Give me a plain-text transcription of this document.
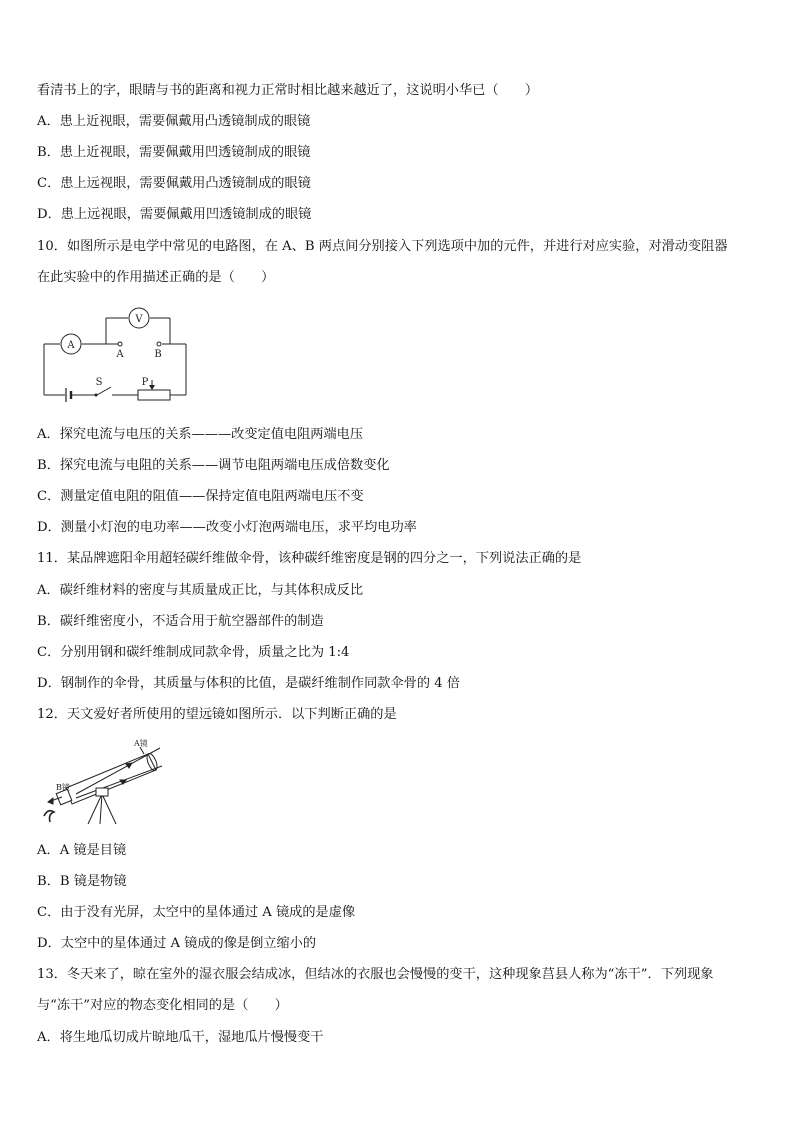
看清书上的字，眼睛与书的距离和视力正常时相比越来越近了，这说明小华已（　　）
A．患上近视眼，需要佩戴用凸透镜制成的眼镜
B．患上近视眼，需要佩戴用凹透镜制成的眼镜
C．患上远视眼，需要佩戴用凸透镜制成的眼镜
D．患上远视眼，需要佩戴用凹透镜制成的眼镜
10．如图所示是电学中常见的电路图，在 A、B 两点间分别接入下列选项中加的元件，并进行对应实验，对滑动变阻器
在此实验中的作用描述正确的是（　　）
V
A
A	B
S	P
A．探究电流与电压的关系———改变定值电阻两端电压
B．探究电流与电阻的关系——调节电阻两端电压成倍数变化
C．测量定值电阻的阻值——保持定值电阻两端电压不变
D．测量小灯泡的电功率——改变小灯泡两端电压，求平均电功率
11．某品牌遮阳伞用超轻碳纤维做伞骨，该种碳纤维密度是钢的四分之一，下列说法正确的是
A．碳纤维材料的密度与其质量成正比，与其体积成反比
B．碳纤维密度小，不适合用于航空器部件的制造
C．分别用钢和碳纤维制成同款伞骨，质量之比为 1:4
D．钢制作的伞骨，其质量与体积的比值，是碳纤维制作同款伞骨的 4 倍
12．天文爱好者所使用的望远镜如图所示．以下判断正确的是
A镜
B镜
A．A 镜是目镜
B．B 镜是物镜
C．由于没有光屏，太空中的星体通过 A 镜成的是虚像
D．太空中的星体通过 A 镜成的像是倒立缩小的
13．冬天来了，晾在室外的湿衣服会结成冰，但结冰的衣服也会慢慢的变干，这种现象莒县人称为“冻干”．下列现象
与“冻干”对应的物态变化相同的是（　　）
A．将生地瓜切成片晾地瓜干，湿地瓜片慢慢变干
